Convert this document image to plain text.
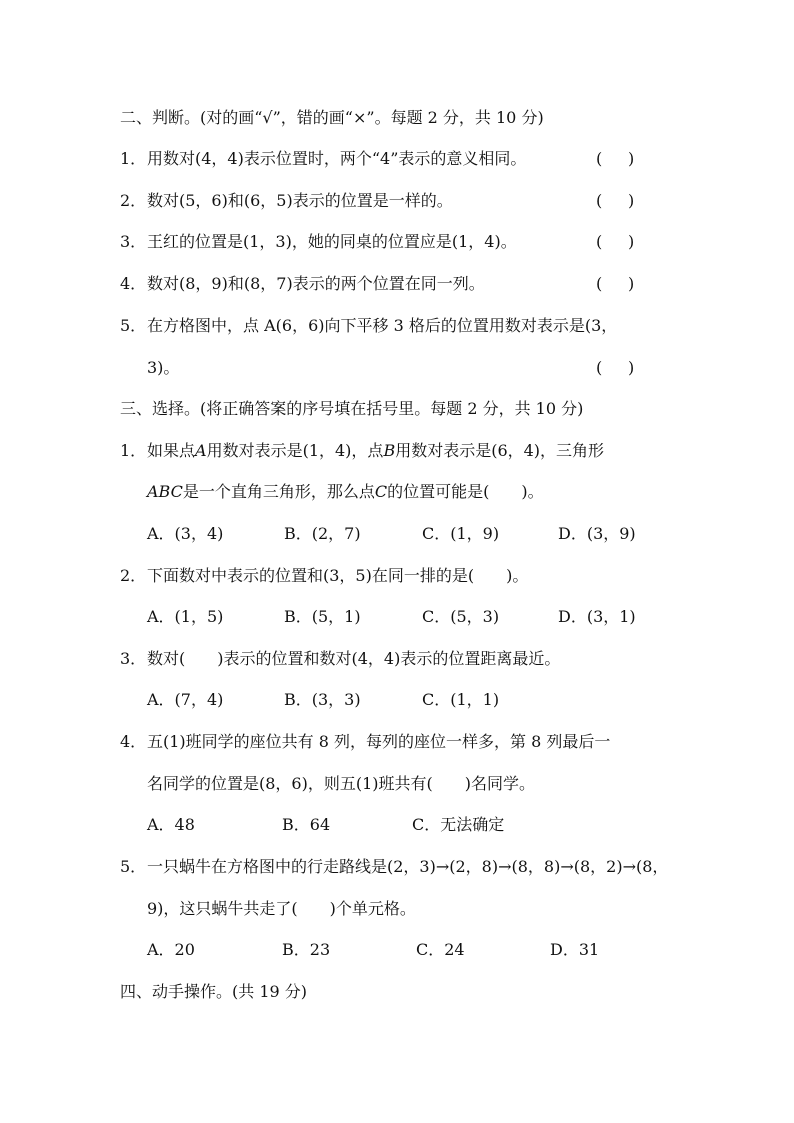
二、判断。(对的画“√”，错的画“×”。每题 2 分，共 10 分)
1．用数对(4，4)表示位置时，两个“4”表示的意义相同。	( )
2．数对(5，6)和(6，5)表示的位置是一样的。	( )
3．王红的位置是(1，3)，她的同桌的位置应是(1，4)。	( )
4．数对(8，9)和(8，7)表示的两个位置在同一列。	( )
5．在方格图中，点 A(6，6)向下平移 3 格后的位置用数对表示是(3，
3)。	( )
三、选择。(将正确答案的序号填在括号里。每题 2 分，共 10 分)
1．如果点A用数对表示是(1，4)，点B用数对表示是(6，4)，三角形
ABC是一个直角三角形，那么点C的位置可能是(　　)。
A．(3，4)	B．(2，7)	C．(1，9)	D．(3，9)
2．下面数对中表示的位置和(3，5)在同一排的是(　　)。
A．(1，5)	B．(5，1)	C．(5，3)	D．(3，1)
3．数对(　　)表示的位置和数对(4，4)表示的位置距离最近。
A．(7，4)	B．(3，3)	C．(1，1)
4．五(1)班同学的座位共有 8 列，每列的座位一样多，第 8 列最后一
名同学的位置是(8，6)，则五(1)班共有(　　)名同学。
A．48	B．64	C．无法确定
5．一只蜗牛在方格图中的行走路线是(2，3)→(2，8)→(8，8)→(8，2)→(8，
9)，这只蜗牛共走了(　　)个单元格。
A．20	B．23	C．24	D．31
四、动手操作。(共 19 分)
